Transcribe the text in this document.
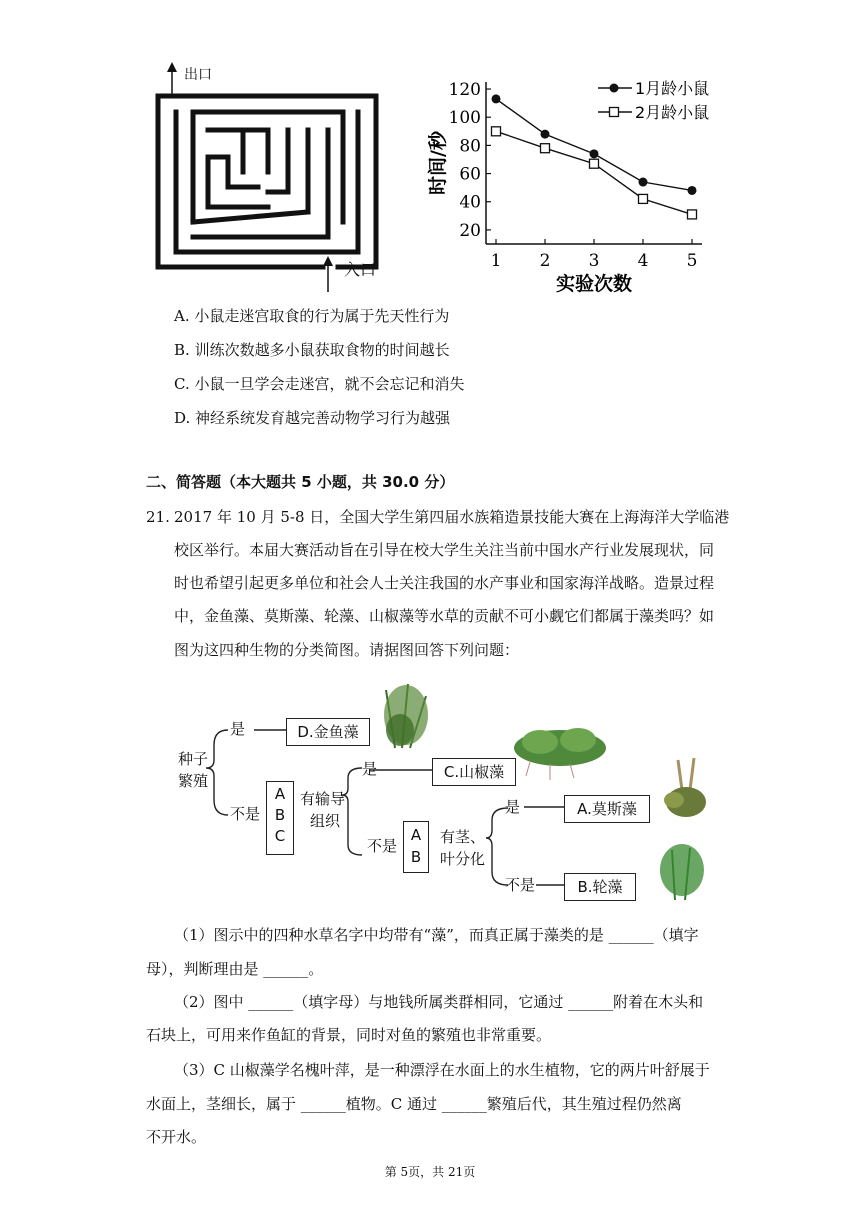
出口
入口
20
40
60
80
100
120
1 2 3 4 5
实验次数
时间/秒
1月龄小鼠
2月龄小鼠
A. 小鼠走迷宫取食的行为属于先天性行为
B. 训练次数越多小鼠获取食物的时间越长
C. 小鼠一旦学会走迷宫，就不会忘记和消失
D. 神经系统发育越完善动物学习行为越强
二、简答题（本大题共 5 小题，共 30.0 分）
21. 2017 年 10 月 5-8 日，全国大学生第四届水族箱造景技能大赛在上海海洋大学临港
校区举行。本届大赛活动旨在引导在校大学生关注当前中国水产行业发展现状，同
时也希望引起更多单位和社会人士关注我国的水产事业和国家海洋战略。造景过程
中，金鱼藻、莫斯藻、轮藻、山椒藻等水草的贡献不可小觑它们都属于藻类吗？如
图为这四种生物的分类简图。请据图回答下列问题：
种子
繁殖
是
不是
D.金鱼藻
A
B
C
有输导
组织
是
不是
C.山椒藻
A
B
有茎、
叶分化
是
不是
A.莫斯藻
B.轮藻
（1）图示中的四种水草名字中均带有“藻”，而真正属于藻类的是 ______（填字
母），判断理由是 ______。
（2）图中 ______（填字母）与地钱所属类群相同，它通过 ______附着在木头和
石块上，可用来作鱼缸的背景，同时对鱼的繁殖也非常重要。
（3）C 山椒藻学名槐叶萍，是一种漂浮在水面上的水生植物，它的两片叶舒展于
水面上，茎细长，属于 ______植物。C 通过 ______繁殖后代，其生殖过程仍然离
不开水。
第 5页，共 21页
